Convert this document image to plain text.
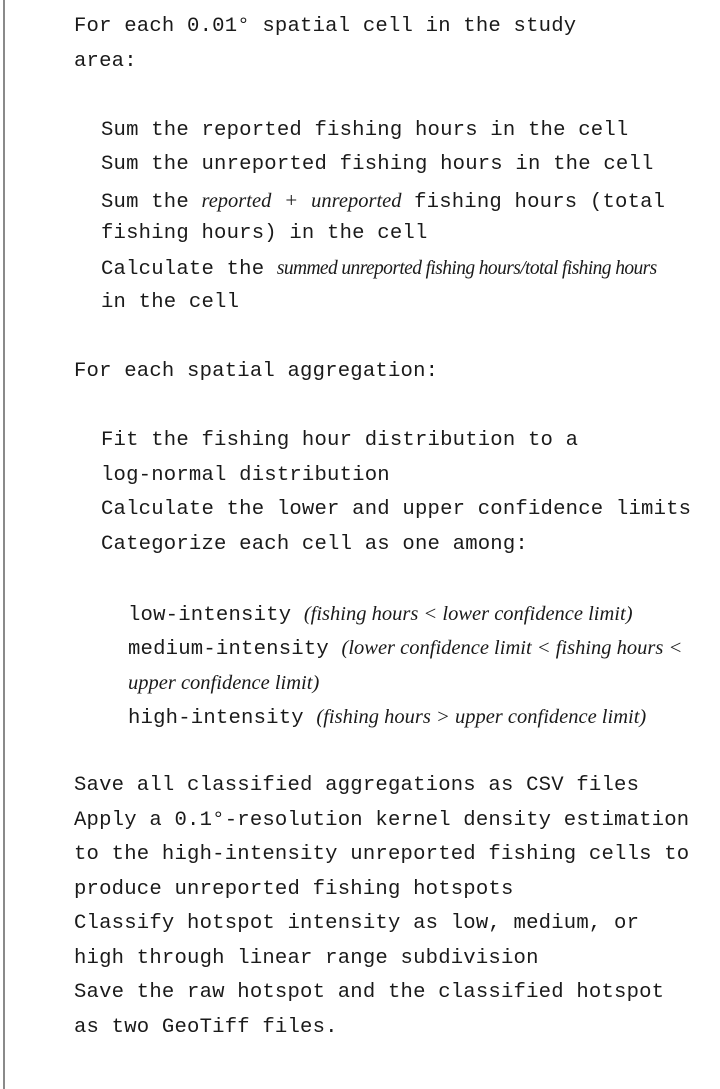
For each 0.01° spatial cell in the study
area:
Sum the reported fishing hours in the cell
Sum the unreported fishing hours in the cell
Sum the reported + unreported fishing hours (total
fishing hours) in the cell
Calculate the summed unreported fishing hours/total fishing hours
in the cell
For each spatial aggregation:
Fit the fishing hour distribution to a
log-normal distribution
Calculate the lower and upper confidence limits
Categorize each cell as one among:
low-intensity (fishing hours < lower confidence limit)
medium-intensity (lower confidence limit < fishing hours <
upper confidence limit)
high-intensity (fishing hours > upper confidence limit)
Save all classified aggregations as CSV files
Apply a 0.1°-resolution kernel density estimation
to the high-intensity unreported fishing cells to
produce unreported fishing hotspots
Classify hotspot intensity as low, medium, or
high through linear range subdivision
Save the raw hotspot and the classified hotspot
as two GeoTiff files.
